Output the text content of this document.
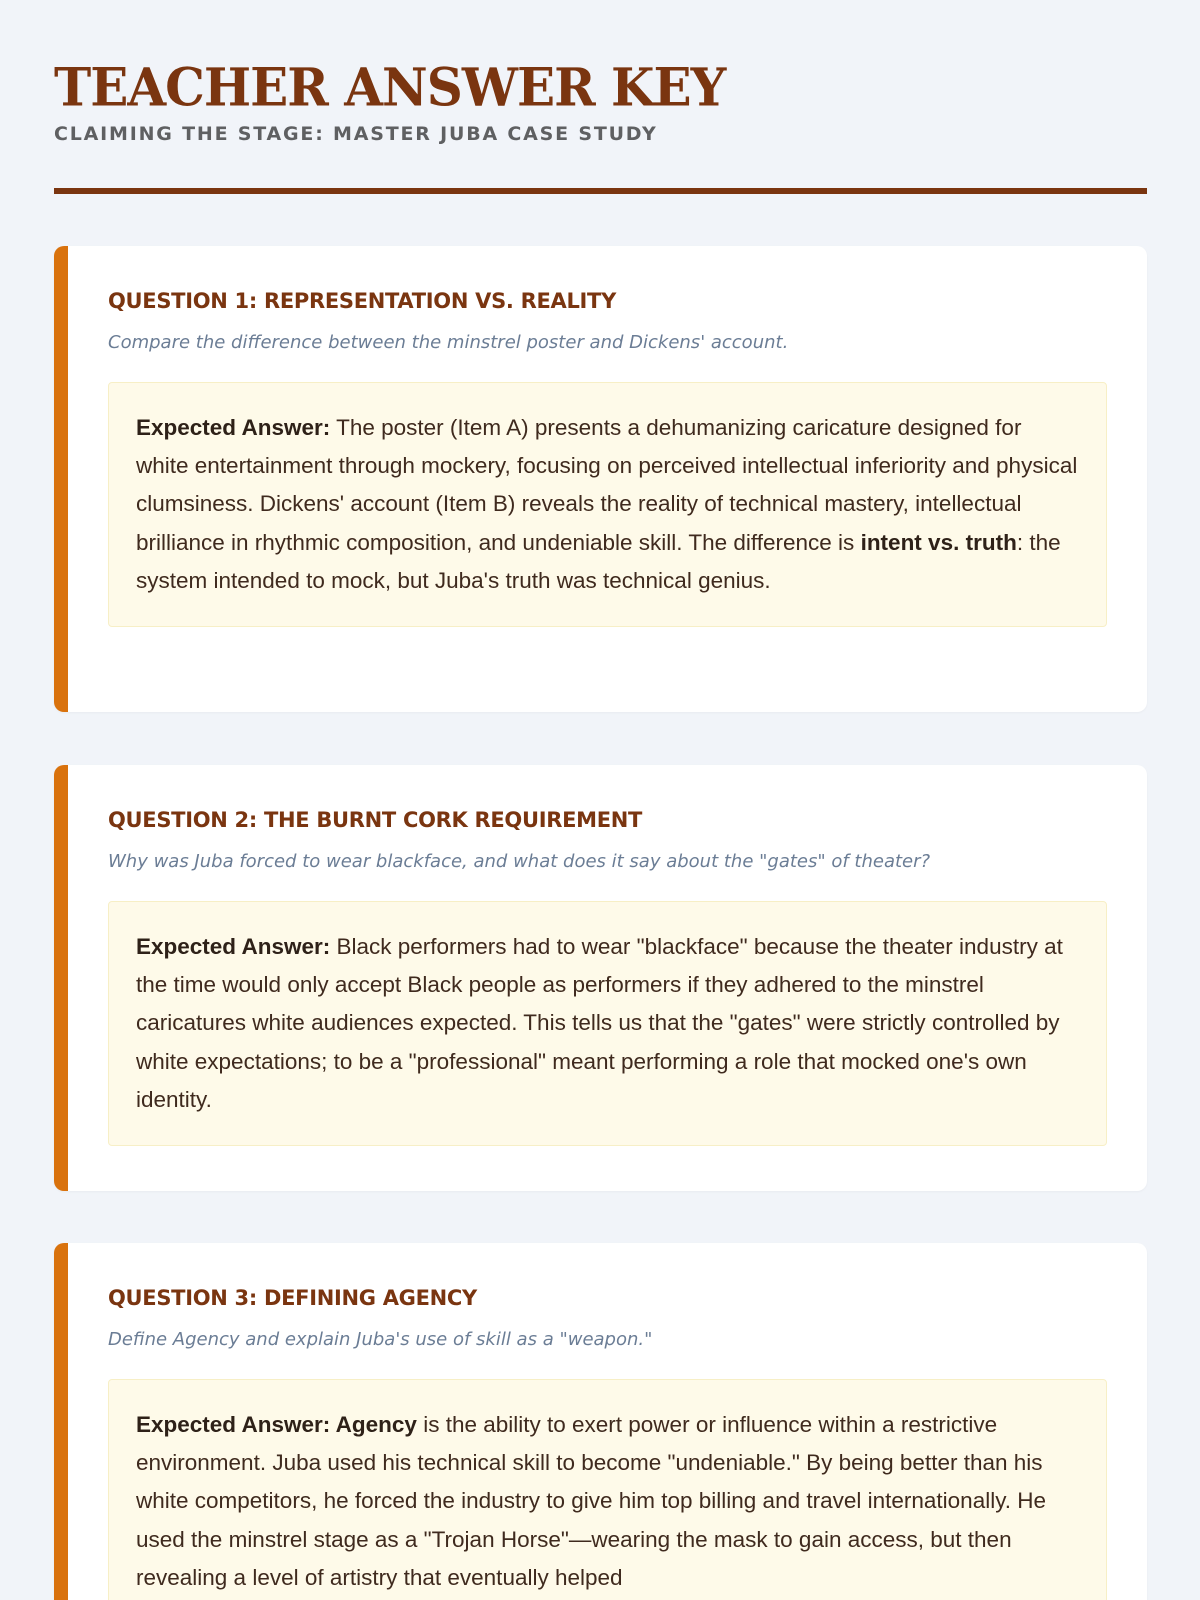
TEACHER ANSWER KEY
CLAIMING THE STAGE: MASTER JUBA CASE STUDY
QUESTION 1: REPRESENTATION VS. REALITY
Compare the difference between the minstrel poster and Dickens' account.
Expected Answer: The poster (Item A) presents a dehumanizing caricature designed for white entertainment through mockery, focusing on perceived intellectual inferiority and physical clumsiness. Dickens' account (Item B) reveals the reality of technical mastery, intellectual brilliance in rhythmic composition, and undeniable skill. The difference is intent vs. truth: the system intended to mock, but Juba's truth was technical genius.
QUESTION 2: THE BURNT CORK REQUIREMENT
Why was Juba forced to wear blackface, and what does it say about the "gates" of theater?
Expected Answer: Black performers had to wear "blackface" because the theater industry at the time would only accept Black people as performers if they adhered to the minstrel caricatures white audiences expected. This tells us that the "gates" were strictly controlled by white expectations; to be a "professional" meant performing a role that mocked one's own identity.
QUESTION 3: DEFINING AGENCY
Define Agency and explain Juba's use of skill as a "weapon."
Expected Answer: Agency is the ability to exert power or influence within a restrictive environment. Juba used his technical skill to become "undeniable." By being better than his white competitors, he forced the industry to give him top billing and travel internationally. He used the minstrel stage as a "Trojan Horse"—wearing the mask to gain access, but then revealing a level of artistry that eventually helped
